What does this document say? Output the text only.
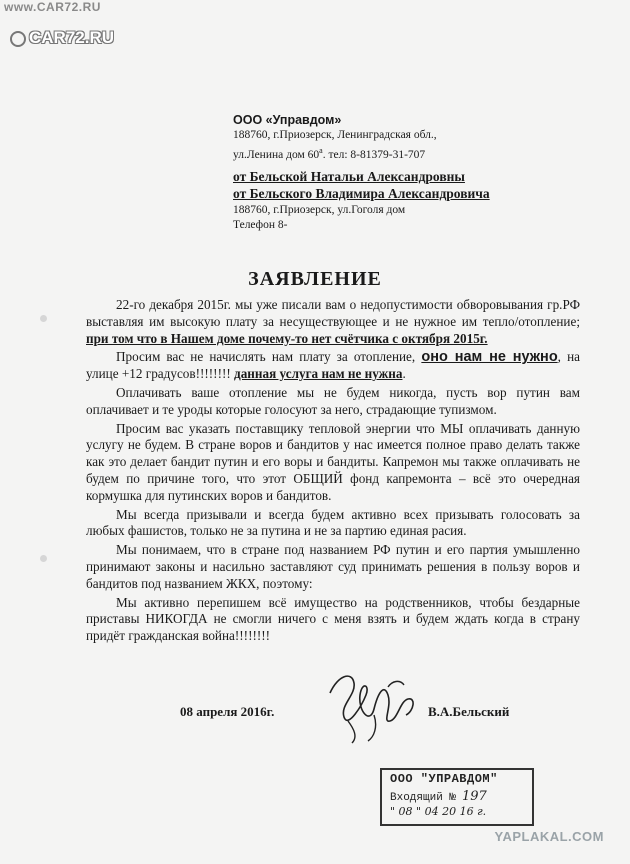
www.CAR72.RU
CAR72.RU
ООО «Управдом»
188760, г.Приозерск, Ленинградская обл.,
ул.Ленина дом $60^а$. тел: 8-81379-31-707
от Бельской Натальи Александровны
от Бельского Владимира Александровича
188760, г.Приозерск, ул.Гоголя дом
Телефон 8-
ЗАЯВЛЕНИЕ

22-го декабря 2015г. мы уже писали вам о недопустимости обворовывания гр.РФ выставляя им высокую плату за несуществующее и не нужное им тепло/отопление; при том что в Нашем доме почему-то нет счётчика с октября 2015г.

Просим вас не начислять нам плату за отопление, оно нам не нужно, на улице +12 градусов!!!!!!!! данная услуга нам не нужна.

Оплачивать ваше отопление мы не будем никогда, пусть вор путин вам оплачивает и те уроды которые голосуют за него, страдающие тупизмом.

Просим вас указать поставщику тепловой энергии что МЫ оплачивать данную услугу не будем. В стране воров и бандитов у нас имеется полное право делать также как это делает бандит путин и его воры и бандиты. Капремон мы также оплачивать не будем по причине того, что этот ОБЩИЙ фонд капремонта – всё это очередная кормушка для путинских воров и бандитов.

Мы всегда призывали и всегда будем активно всех призывать голосовать за любых фашистов, только не за путина и не за партию единая расия.

Мы понимаем, что в стране под названием РФ путин и его партия умышленно принимают законы и насильно заставляют суд принимать решения в пользу воров и бандитов под названием ЖКХ, поэтому:

Мы активно перепишем всё имущество на родственников, чтобы бездарные приставы НИКОГДА не смогли ничего с меня взять и будем ждать когда в страну придёт гражданская война!!!!!!!!

08 апреля 2016г.	В.А.Бельский
ООО "УПРАВДОМ"
Входящий № 197
" 08 " 04 20 16 г.
YAPLAKAL.COM
